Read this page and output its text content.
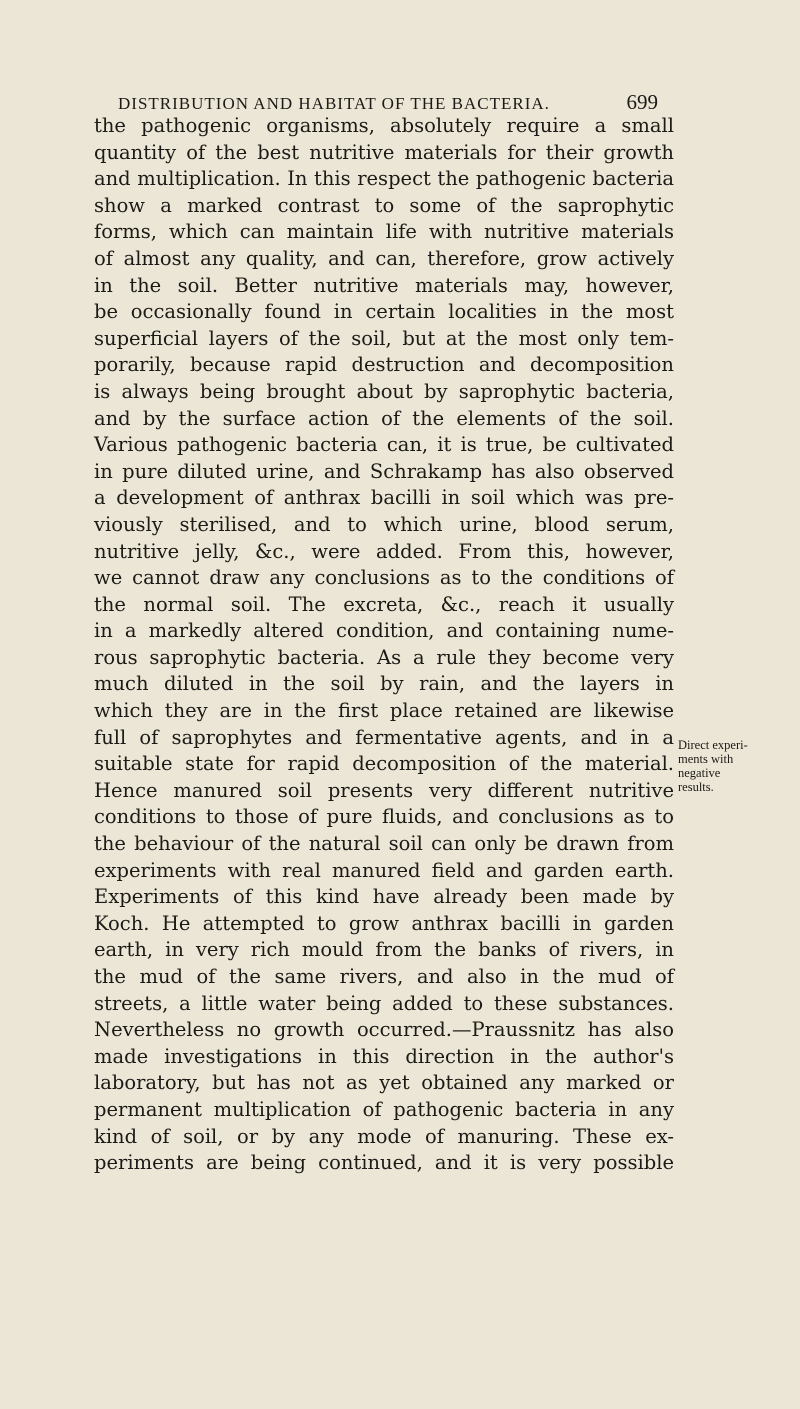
DISTRIBUTION AND HABITAT OF THE BACTERIA.	699
the pathogenic organisms, absolutely require a small
quantity of the best nutritive materials for their growth
and multiplication. In this respect the pathogenic bacteria
show a marked contrast to some of the saprophytic
forms, which can maintain life with nutritive materials
of almost any quality, and can, therefore, grow actively
in the soil. Better nutritive materials may, however,
be occasionally found in certain localities in the most
superficial layers of the soil, but at the most only tem-
porarily, because rapid destruction and decomposition
is always being brought about by saprophytic bacteria,
and by the surface action of the elements of the soil.
Various pathogenic bacteria can, it is true, be cultivated
in pure diluted urine, and Schrakamp has also observed
a development of anthrax bacilli in soil which was pre-
viously sterilised, and to which urine, blood serum,
nutritive jelly, &c., were added. From this, however,
we cannot draw any conclusions as to the conditions of
the normal soil. The excreta, &c., reach it usually
in a markedly altered condition, and containing nume-
rous saprophytic bacteria. As a rule they become very
much diluted in the soil by rain, and the layers in
which they are in the first place retained are likewise
full of saprophytes and fermentative agents, and in a
suitable state for rapid decomposition of the material.
Hence manured soil presents very different nutritive
conditions to those of pure fluids, and conclusions as to
the behaviour of the natural soil can only be drawn from
experiments with real manured field and garden earth.
Experiments of this kind have already been made by
Koch. He attempted to grow anthrax bacilli in garden
earth, in very rich mould from the banks of rivers, in
the mud of the same rivers, and also in the mud of
streets, a little water being added to these substances.
Nevertheless no growth occurred.—Praussnitz has also
made investigations in this direction in the author's
laboratory, but has not as yet obtained any marked or
permanent multiplication of pathogenic bacteria in any
kind of soil, or by any mode of manuring. These ex-
periments are being continued, and it is very possible
Direct experi-
ments with
negative
results.
